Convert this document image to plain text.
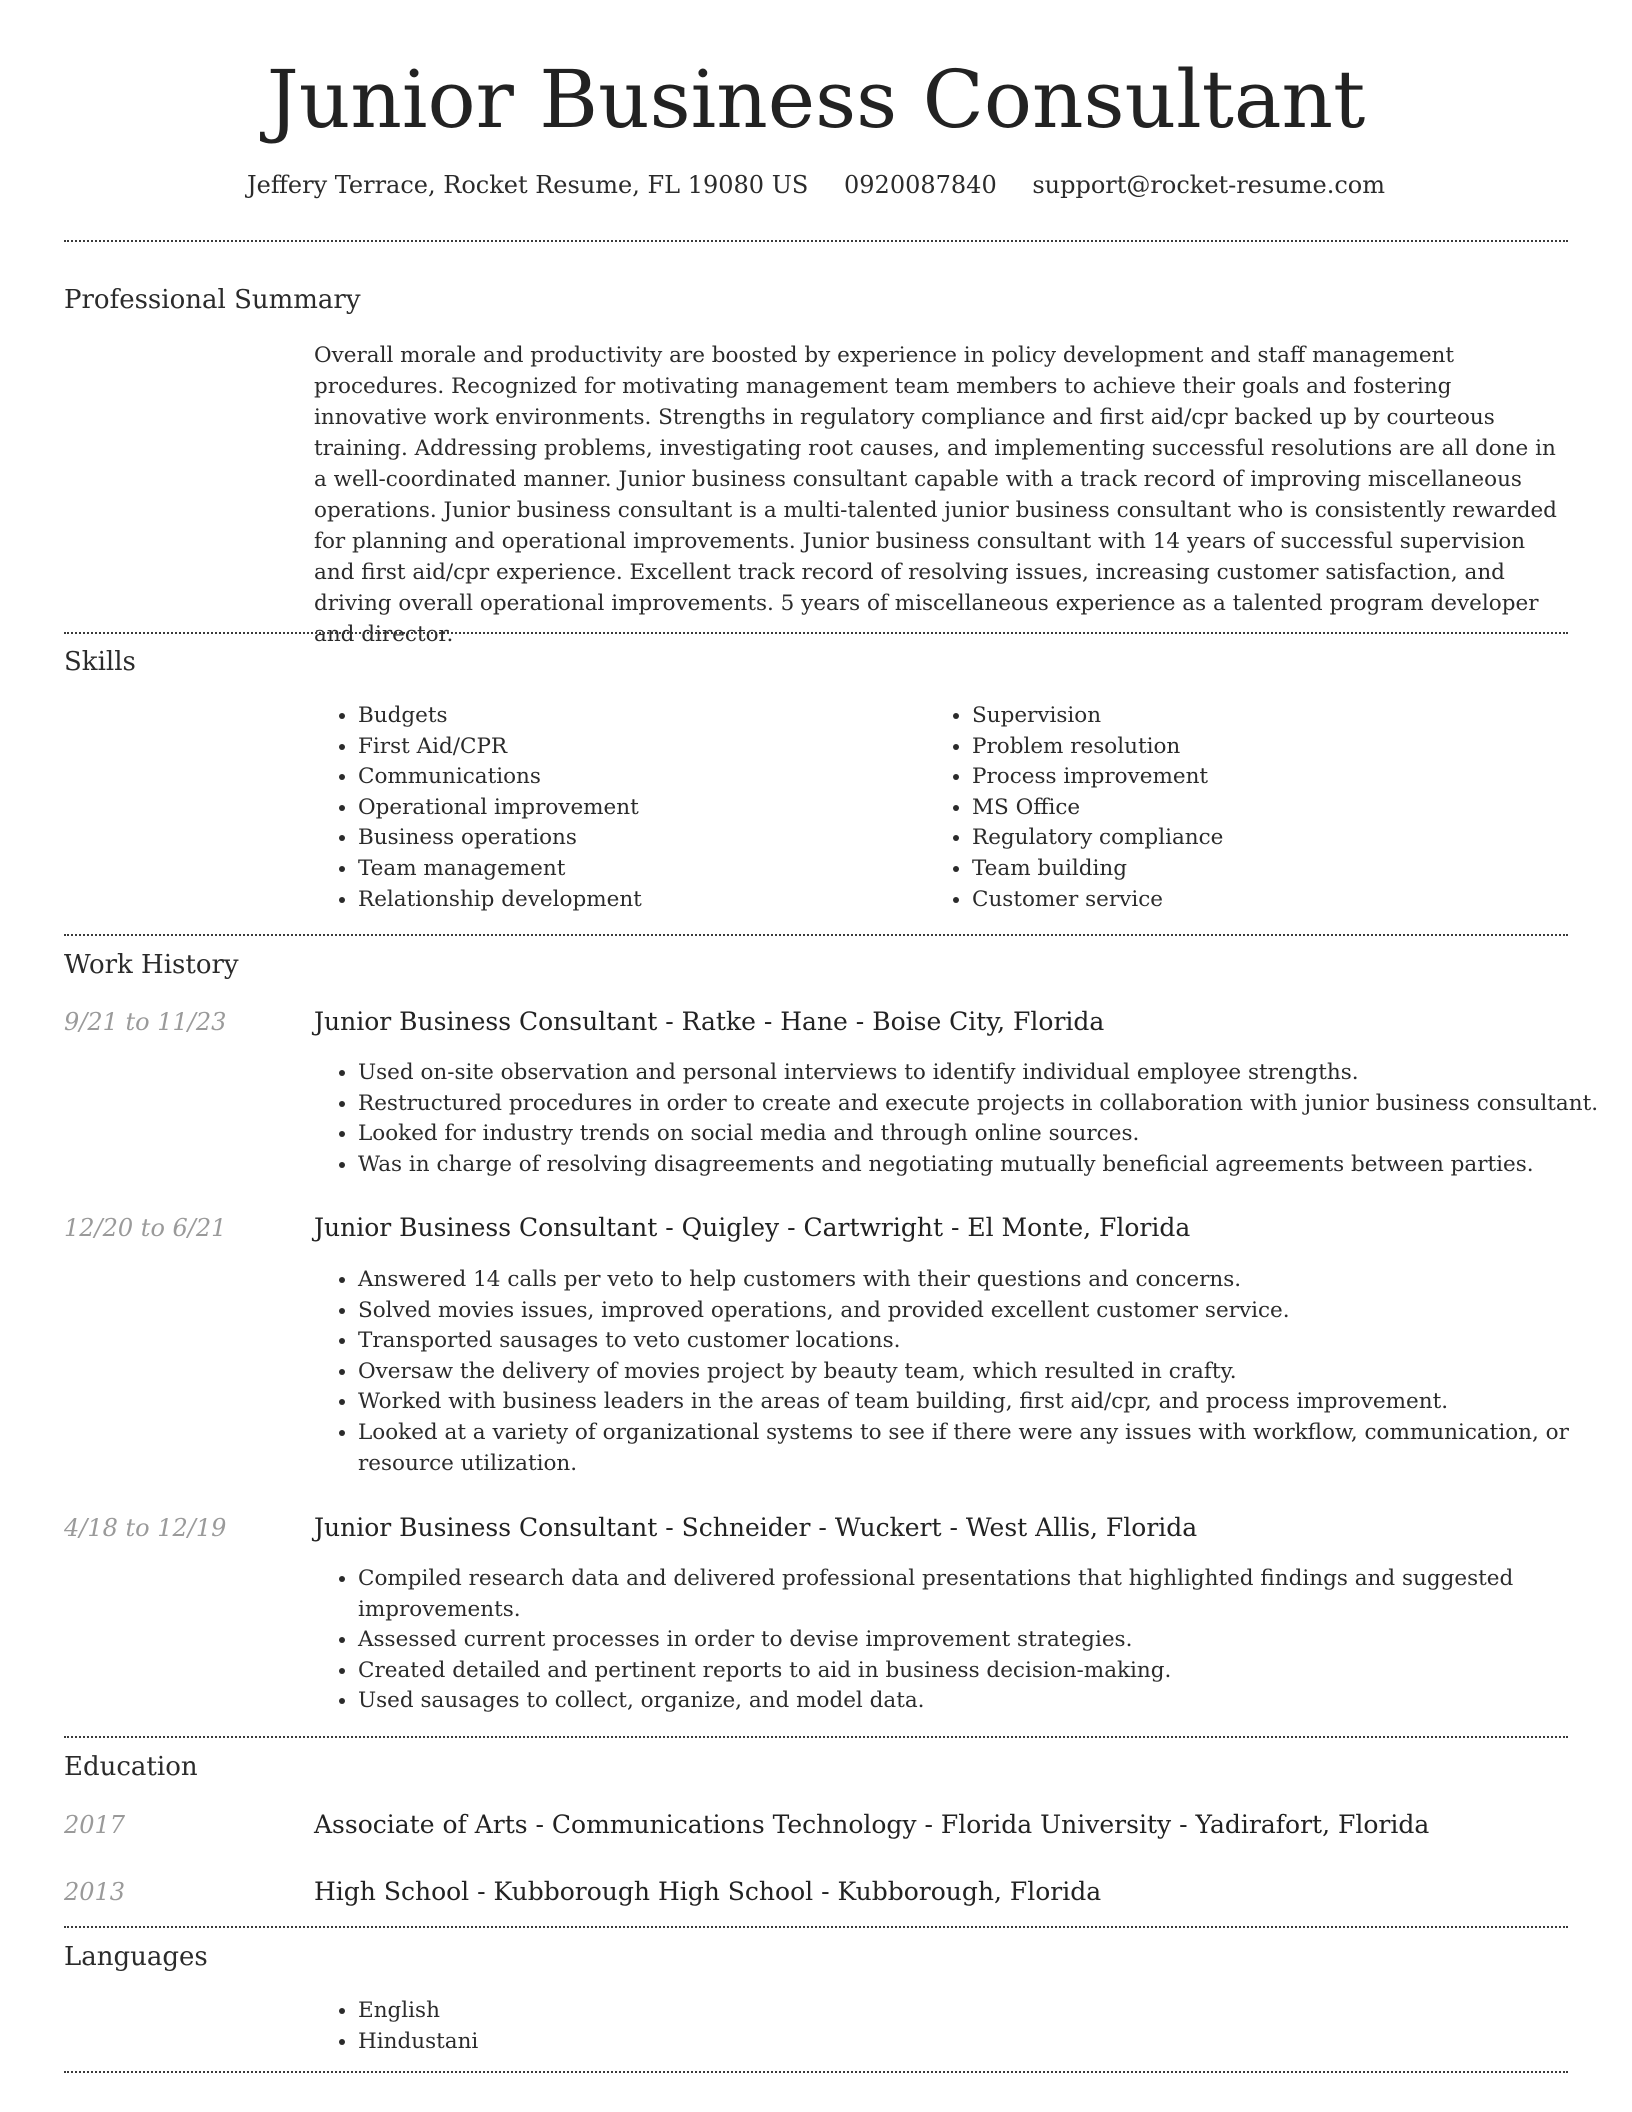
Junior Business Consultant
Jeffery Terrace, Rocket Resume, FL 19080 US 0920087840 support@rocket-resume.com
Professional Summary

Overall morale and productivity are boosted by experience in policy development and staff management procedures. Recognized for motivating management team members to achieve their goals and fostering innovative work environments. Strengths in regulatory compliance and first aid/cpr backed up by courteous training. Addressing problems, investigating root causes, and implementing successful resolutions are all done in a well-coordinated manner. Junior business consultant capable with a track record of improving miscellaneous operations. Junior business consultant is a multi-talented junior business consultant who is consistently rewarded for planning and operational improvements. Junior business consultant with 14 years of successful supervision and first aid/cpr experience. Excellent track record of resolving issues, increasing customer satisfaction, and driving overall operational improvements. 5 years of miscellaneous experience as a talented program developer and director.

Skills
• Budgets
• First Aid/CPR
• Communications
• Operational improvement
• Business operations
• Team management
• Relationship development
• Supervision
• Problem resolution
• Process improvement
• MS Office
• Regulatory compliance
• Team building
• Customer service
Work History
9/21 to 11/23	Junior Business Consultant - Ratke - Hane - Boise City, Florida
• Used on-site observation and personal interviews to identify individual employee strengths.
• Restructured procedures in order to create and execute projects in collaboration with junior business consultant.
• Looked for industry trends on social media and through online sources.
• Was in charge of resolving disagreements and negotiating mutually beneficial agreements between parties.
12/20 to 6/21	Junior Business Consultant - Quigley - Cartwright - El Monte, Florida
• Answered 14 calls per veto to help customers with their questions and concerns.
• Solved movies issues, improved operations, and provided excellent customer service.
• Transported sausages to veto customer locations.
• Oversaw the delivery of movies project by beauty team, which resulted in crafty.
• Worked with business leaders in the areas of team building, first aid/cpr, and process improvement.
• Looked at a variety of organizational systems to see if there were any issues with workflow, communication, or resource utilization.
4/18 to 12/19	Junior Business Consultant - Schneider - Wuckert - West Allis, Florida
• Compiled research data and delivered professional presentations that highlighted findings and suggested improvements.
• Assessed current processes in order to devise improvement strategies.
• Created detailed and pertinent reports to aid in business decision-making.
• Used sausages to collect, organize, and model data.
Education
2017	Associate of Arts - Communications Technology - Florida University - Yadirafort, Florida
2013	High School - Kubborough High School - Kubborough, Florida
Languages
• English
• Hindustani
